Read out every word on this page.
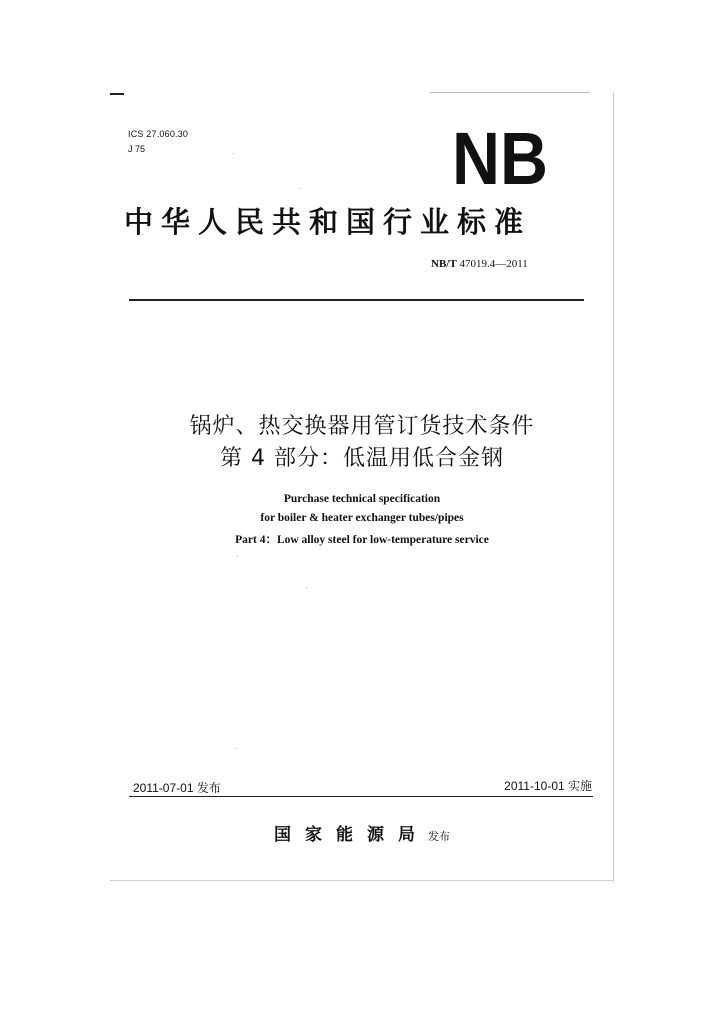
ICS 27.060.30
J 75	NB
中华人民共和国行业标准
NB/T 47019.4—2011
锅炉、热交换器用管订货技术条件
第 4 部分：低温用低合金钢
Purchase technical specification
for boiler & heater exchanger tubes/pipes
Part 4：Low alloy steel for low-temperature service
2011-07-01 发布	2011-10-01 实施
国家能源局 发布
